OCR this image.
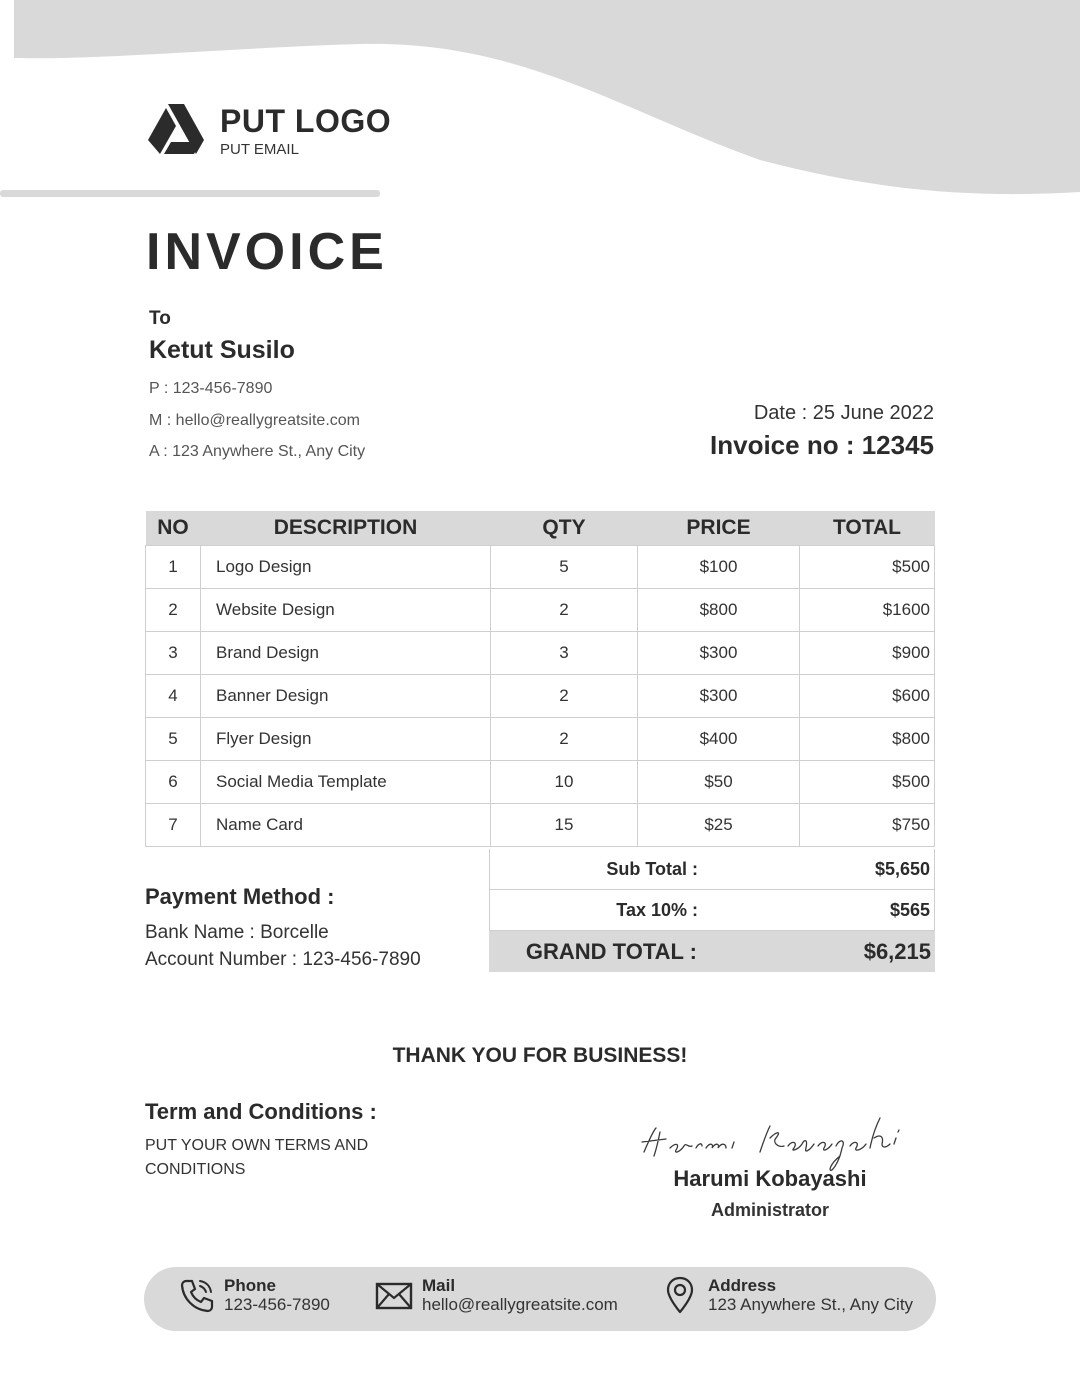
PUT LOGO
PUT EMAIL
INVOICE
To
Ketut Susilo
P : 123-456-7890
M : hello@reallygreatsite.com
A : 123 Anywhere St., Any City
Date : 25 June 2022
Invoice no : 12345
NO	DESCRIPTION	QTY	PRICE	TOTAL
1	Logo Design	5	$100	$500
2	Website Design	2	$800	$1600
3	Brand Design	3	$300	$900
4	Banner Design	2	$300	$600
5	Flyer Design	2	$400	$800
6	Social Media Template	10	$50	$500
7	Name Card	15	$25	$750
Sub Total :	$5,650
Tax 10% :	$565
GRAND TOTAL :	$6,215
Payment Method :
Bank Name : Borcelle
Account Number : 123-456-7890
THANK YOU FOR BUSINESS!
Term and Conditions :
PUT YOUR OWN TERMS AND CONDITIONS	Harumi Kobayashi
Administrator
Phone
123-456-7890
Mail
hello@reallygreatsite.com
Address
123 Anywhere St., Any City
